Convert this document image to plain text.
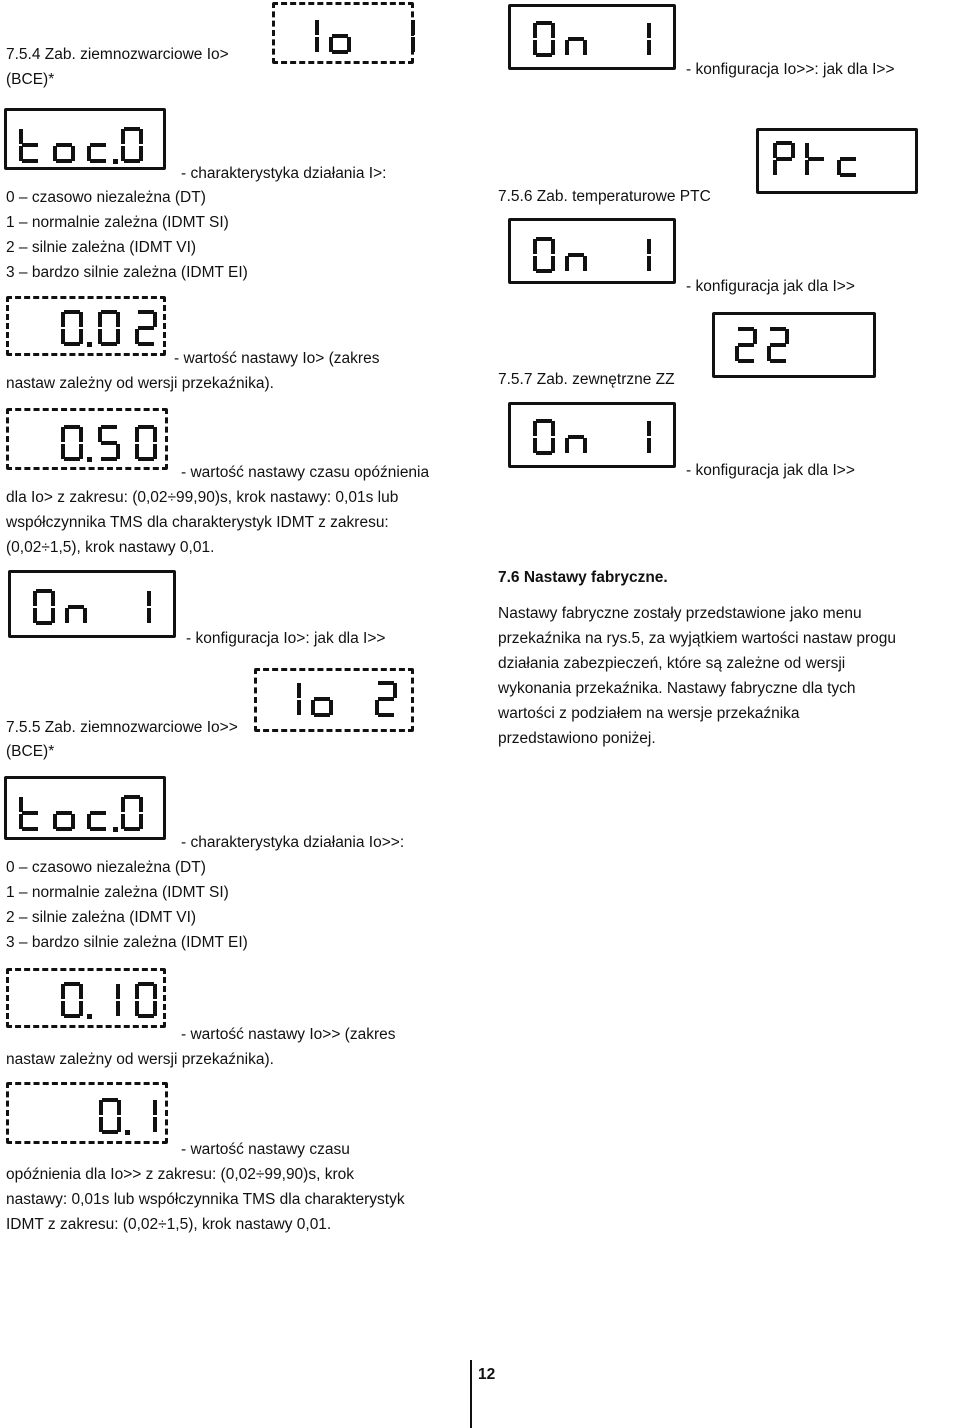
7.5.4 Zab. ziemnozwarciowe Io>

(BCE)*

- charakterystyka działania I>:

0 – czasowo niezależna (DT)

1 – normalnie zależna (IDMT SI)

2 – silnie zależna (IDMT VI)

3 – bardzo silnie zależna (IDMT EI)

- wartość nastawy Io> (zakres

nastaw zależny od wersji przekaźnika).

- wartość nastawy czasu opóźnienia

dla Io> z zakresu: (0,02÷99,90)s, krok nastawy: 0,01s lub

współczynnika TMS dla charakterystyk IDMT z zakresu:

(0,02÷1,5), krok nastawy 0,01.

- konfiguracja Io>: jak dla I>>

7.5.5 Zab. ziemnozwarciowe Io>>

(BCE)*

- charakterystyka działania Io>>:

0 – czasowo niezależna (DT)

1 – normalnie zależna (IDMT SI)

2 – silnie zależna (IDMT VI)

3 – bardzo silnie zależna (IDMT EI)

- wartość nastawy Io>> (zakres

nastaw zależny od wersji przekaźnika).

- wartość nastawy czasu

opóźnienia dla Io>> z zakresu: (0,02÷99,90)s, krok

nastawy: 0,01s lub współczynnika TMS dla charakterystyk

IDMT z zakresu: (0,02÷1,5), krok nastawy 0,01.

- konfiguracja Io>>: jak dla I>>

7.5.6 Zab. temperaturowe PTC

- konfiguracja jak dla I>>

7.5.7 Zab. zewnętrzne ZZ

- konfiguracja jak dla I>>

7.6 Nastawy fabryczne.

Nastawy fabryczne zostały przedstawione jako menu

przekaźnika na rys.5, za wyjątkiem wartości nastaw progu

działania zabezpieczeń, które są zależne od wersji

wykonania przekaźnika. Nastawy fabryczne dla tych

wartości z podziałem na wersje przekaźnika

przedstawiono poniżej.

12
